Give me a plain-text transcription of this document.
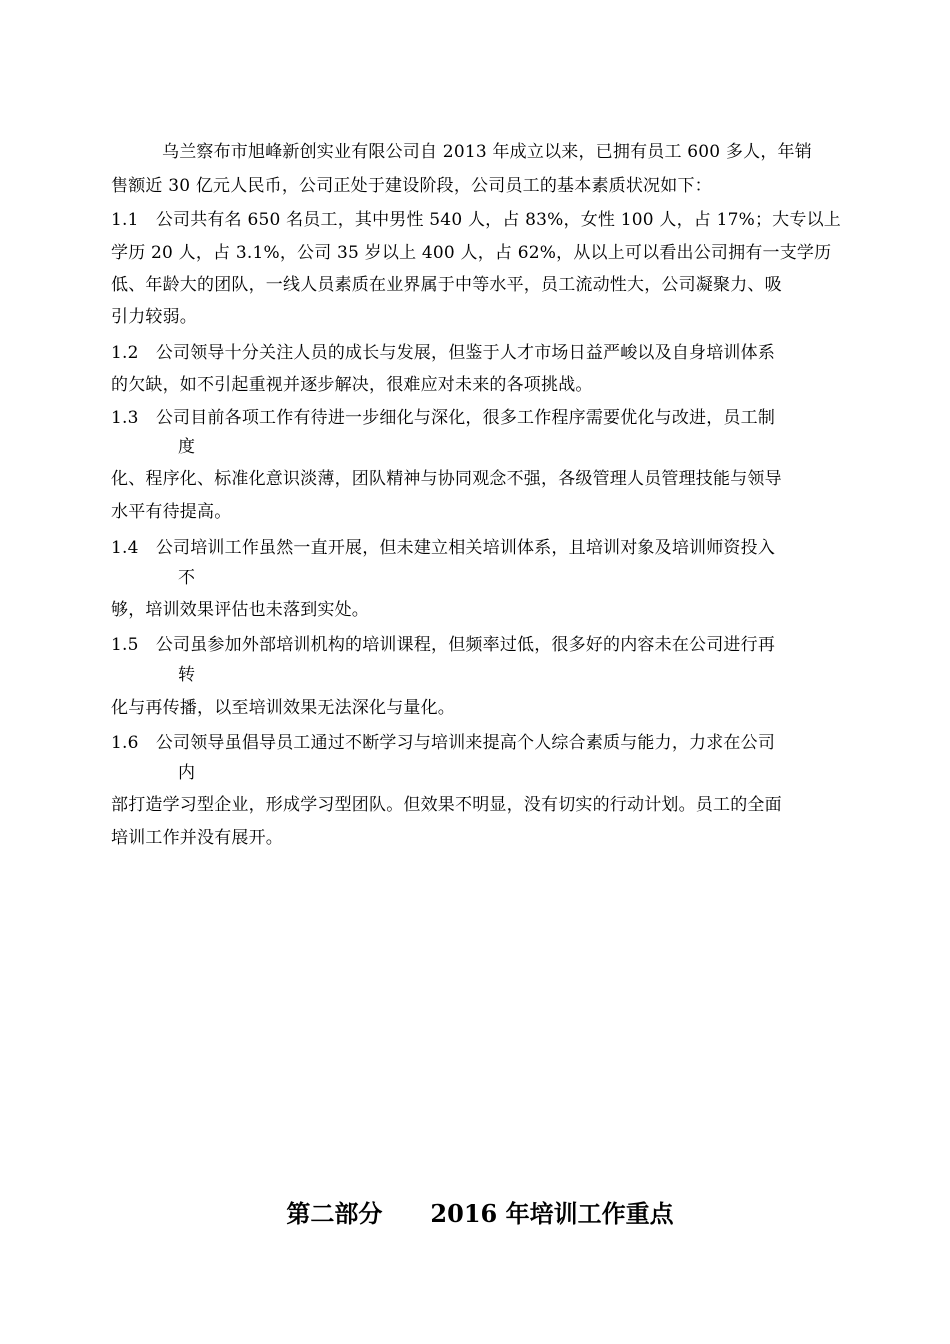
乌兰察布市旭峰新创实业有限公司自 2013 年成立以来，已拥有员工 600 多人，年销
售额近 30 亿元人民币，公司正处于建设阶段，公司员工的基本素质状况如下：
1.1　公司共有名 650 名员工，其中男性 540 人，占 83%，女性 100 人，占 17%；大专以上
学历 20 人，占 3.1%，公司 35 岁以上 400 人，占 62%，从以上可以看出公司拥有一支学历
低、年龄大的团队，一线人员素质在业界属于中等水平，员工流动性大，公司凝聚力、吸
引力较弱。
1.2　公司领导十分关注人员的成长与发展，但鉴于人才市场日益严峻以及自身培训体系
的欠缺，如不引起重视并逐步解决，很难应对未来的各项挑战。
1.3　公司目前各项工作有待进一步细化与深化，很多工作程序需要优化与改进，员工制
度
化、程序化、标准化意识淡薄，团队精神与协同观念不强，各级管理人员管理技能与领导
水平有待提高。
1.4　公司培训工作虽然一直开展，但未建立相关培训体系，且培训对象及培训师资投入
不
够，培训效果评估也未落到实处。
1.5　公司虽参加外部培训机构的培训课程，但频率过低，很多好的内容未在公司进行再
转
化与再传播，以至培训效果无法深化与量化。
1.6　公司领导虽倡导员工通过不断学习与培训来提高个人综合素质与能力，力求在公司
内
部打造学习型企业，形成学习型团队。但效果不明显，没有切实的行动计划。员工的全面
培训工作并没有展开。
第二部分　　2016 年培训工作重点
